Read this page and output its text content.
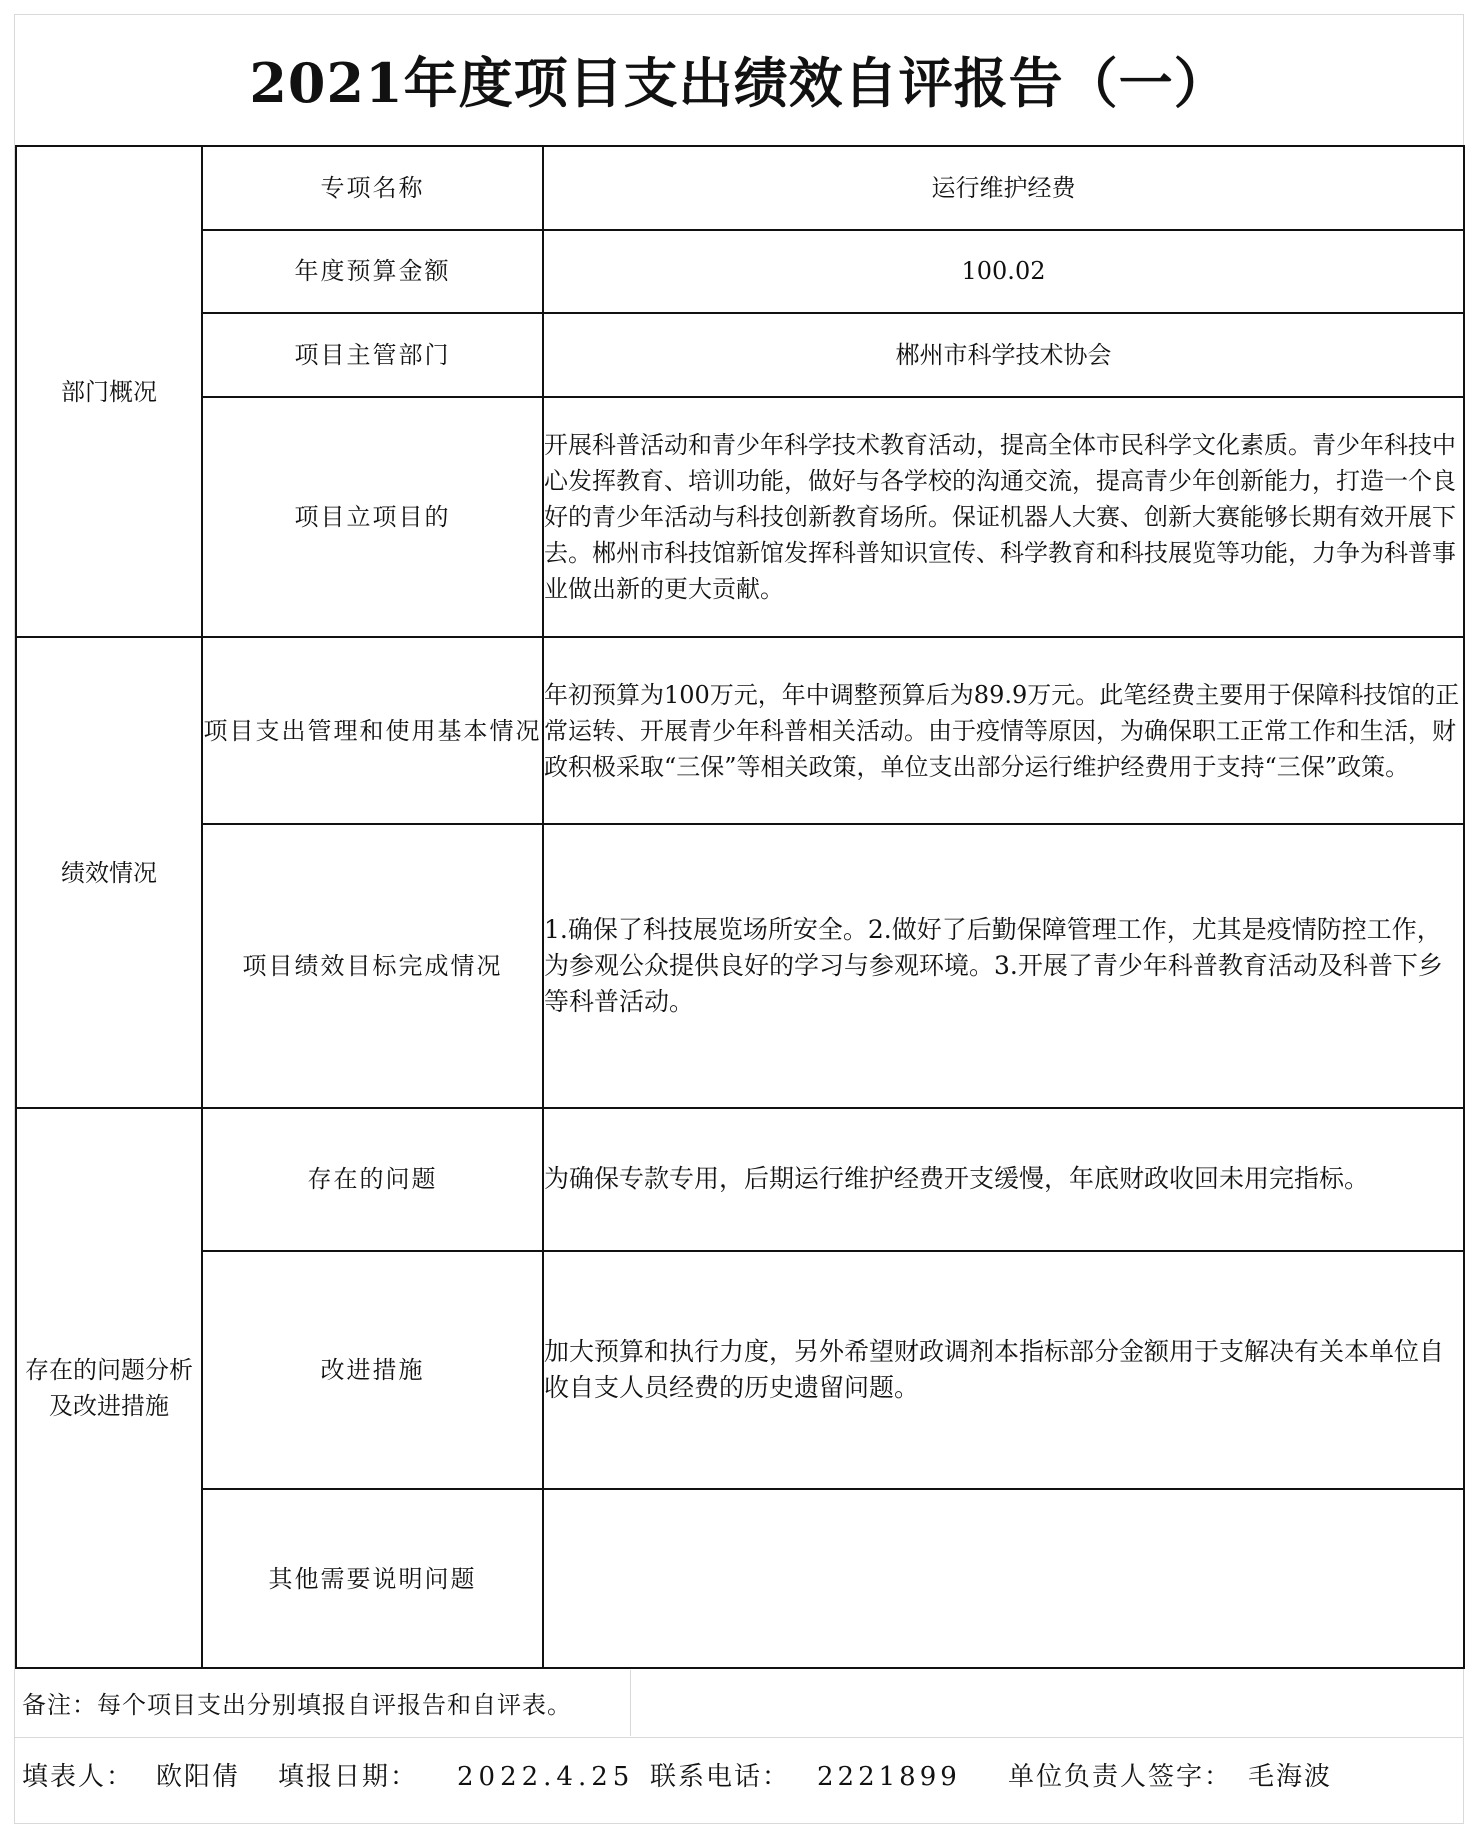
2021年度项目支出绩效自评报告（一）
部门概况	专项名称	运行维护经费
	年度预算金额	100.02
	项目主管部门	郴州市科学技术协会
	项目立项目的	开展科普活动和青少年科学技术教育活动，提高全体市民科学文化素质。青少年科技中心发挥教育、培训功能，做好与各学校的沟通交流，提高青少年创新能力，打造一个良好的青少年活动与科技创新教育场所。保证机器人大赛、创新大赛能够长期有效开展下去。郴州市科技馆新馆发挥科普知识宣传、科学教育和科技展览等功能，力争为科普事业做出新的更大贡献。
绩效情况	项目支出管理和使用基本情况	年初预算为100万元，年中调整预算后为89.9万元。此笔经费主要用于保障科技馆的正常运转、开展青少年科普相关活动。由于疫情等原因，为确保职工正常工作和生活，财政积极采取“三保”等相关政策，单位支出部分运行维护经费用于支持“三保”政策。
	项目绩效目标完成情况	1.确保了科技展览场所安全。2.做好了后勤保障管理工作，尤其是疫情防控工作，为参观公众提供良好的学习与参观环境。3.开展了青少年科普教育活动及科普下乡等科普活动。
存在的问题分析及改进措施	存在的问题	为确保专款专用，后期运行维护经费开支缓慢，年底财政收回未用完指标。
	改进措施	加大预算和执行力度，另外希望财政调剂本指标部分金额用于支解决有关本单位自收自支人员经费的历史遗留问题。
	其他需要说明问题	
备注：每个项目支出分别填报自评报告和自评表。
填表人： 欧阳倩 填报日期： 2022.4.25 联系电话： 2221899 单位负责人签字： 毛海波
